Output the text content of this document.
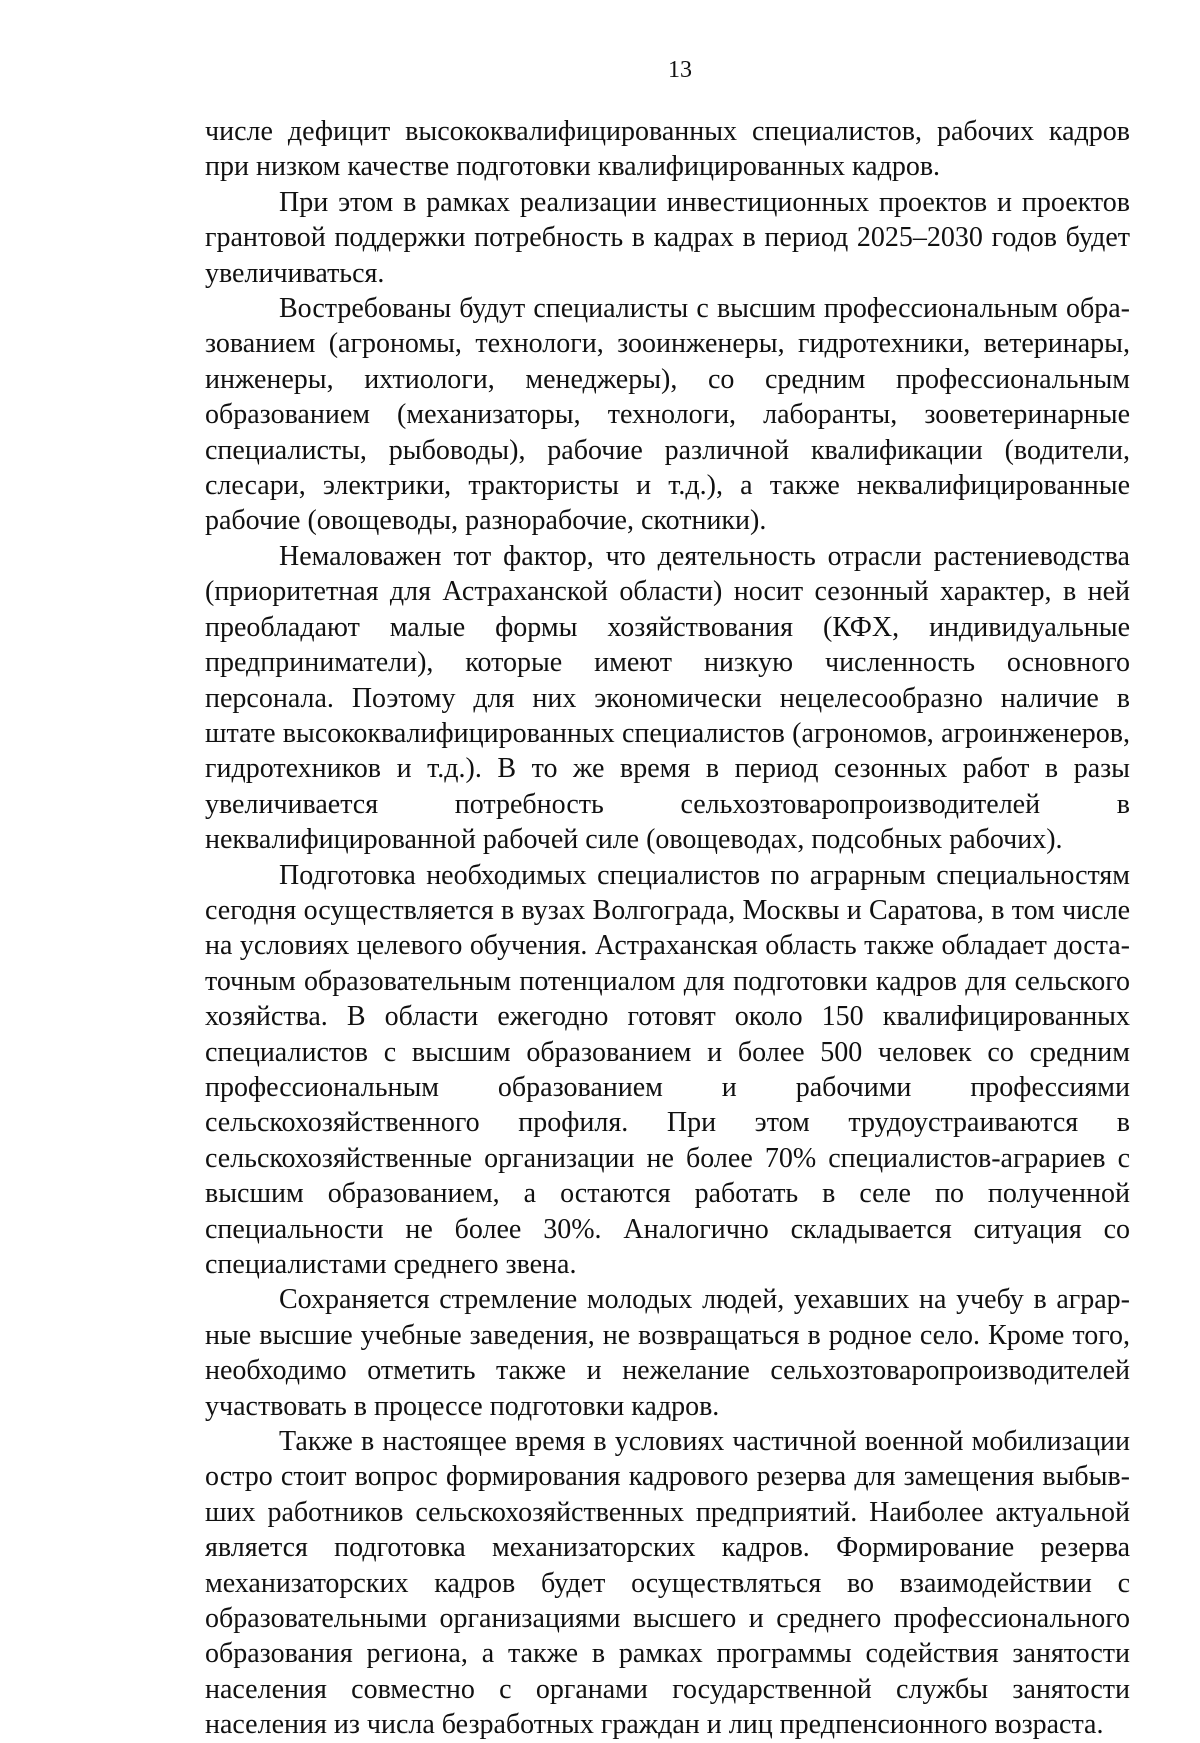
13

числе дефицит высококвалифицированных специалистов, рабочих кадров при низком качестве подготовки квалифицированных кадров.

При этом в рамках реализации инвестиционных проектов и проектов грантовой поддержки потребность в кадрах в период 2025–2030 годов будет увеличиваться.

Востребованы будут специалисты с высшим профессиональным образованием (агрономы, технологи, зооинженеры, гидротехники, ветеринары, инженеры, ихтиологи, менеджеры), со средним профессиональным образованием (механизаторы, технологи, лаборанты, зооветеринарные специалисты, рыбоводы), рабочие различной квалификации (водители, слесари, электрики, трактористы и т.д.), а также неквалифицированные рабочие (овощеводы, разнорабочие, скотники).

Немаловажен тот фактор, что деятельность отрасли растениеводства (приоритетная для Астраханской области) носит сезонный характер, в ней преобладают малые формы хозяйствования (КФХ, индивидуальные предприниматели), которые имеют низкую численность основного персонала. Поэтому для них экономически нецелесообразно наличие в штате высококвалифицированных специалистов (агрономов, агроинженеров, гидротехников и т.д.). В то же время в период сезонных работ в разы увеличивается потребность сельхозтоваропроизводителей в неквалифицированной рабочей силе (овощеводах, подсобных рабочих).

Подготовка необходимых специалистов по аграрным специальностям сегодня осуществляется в вузах Волгограда, Москвы и Саратова, в том числе на условиях целевого обучения. Астраханская область также обладает достаточным образовательным потенциалом для подготовки кадров для сельского хозяйства. В области ежегодно готовят около 150 квалифицированных специалистов с высшим образованием и более 500 человек со средним профессиональным образованием и рабочими профессиями сельскохозяйственного профиля. При этом трудоустраиваются в сельскохозяйственные организации не более 70% специалистов-аграриев с высшим образованием, а остаются работать в селе по полученной специальности не более 30%. Аналогично складывается ситуация со специалистами среднего звена.

Сохраняется стремление молодых людей, уехавших на учебу в аграрные высшие учебные заведения, не возвращаться в родное село. Кроме того, необходимо отметить также и нежелание сельхозтоваропроизводителей участвовать в процессе подготовки кадров.

Также в настоящее время в условиях частичной военной мобилизации остро стоит вопрос формирования кадрового резерва для замещения выбывших работников сельскохозяйственных предприятий. Наиболее актуальной является подготовка механизаторских кадров. Формирование резерва механизаторских кадров будет осуществляться во взаимодействии с образовательными организациями высшего и среднего профессионального образования региона, а также в рамках программы содействия занятости населения совместно с органами государственной службы занятости населения из числа безработных граждан и лиц предпенсионного возраста.
